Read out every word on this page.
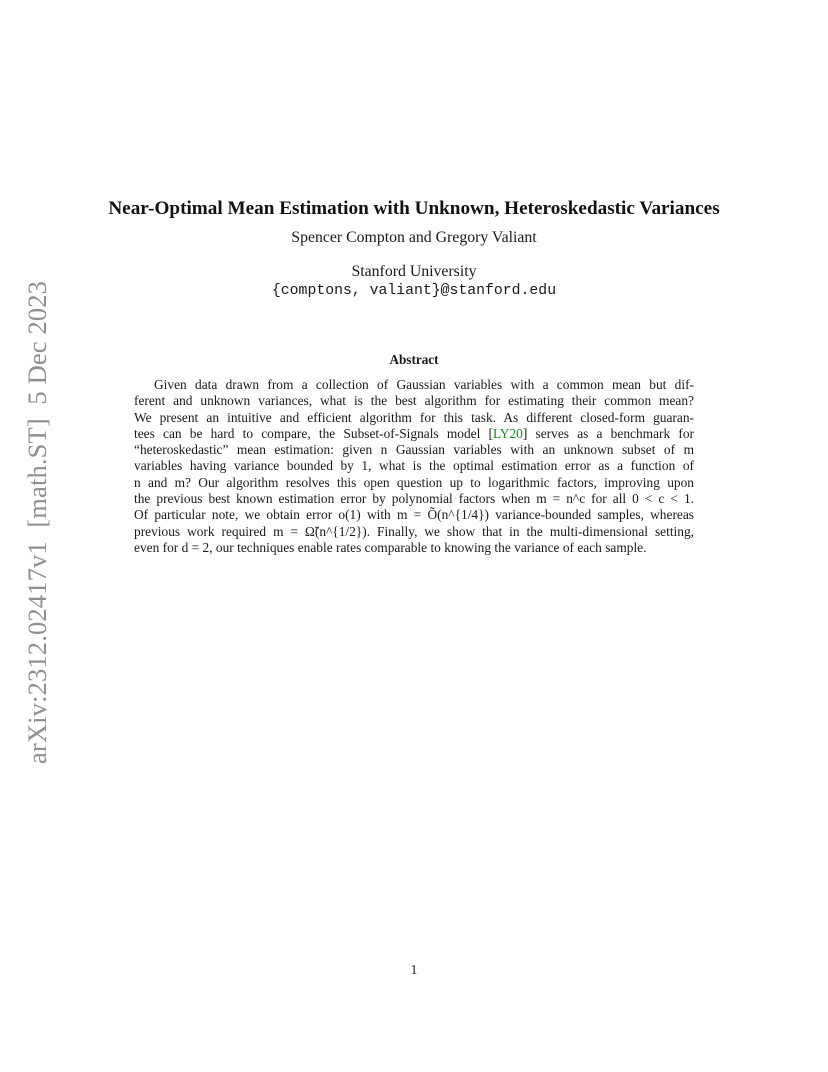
arXiv:2312.02417v1  [math.ST]  5 Dec 2023
Near-Optimal Mean Estimation with Unknown, Heteroskedastic Variances
Spencer Compton and Gregory Valiant
Stanford University
{comptons, valiant}@stanford.edu
Abstract
Given data drawn from a collection of Gaussian variables with a common mean but dif-
ferent and unknown variances, what is the best algorithm for estimating their common mean?
We present an intuitive and efficient algorithm for this task. As different closed-form guaran-
tees can be hard to compare, the Subset-of-Signals model [LY20] serves as a benchmark for
“heteroskedastic” mean estimation: given n Gaussian variables with an unknown subset of m
variables having variance bounded by 1, what is the optimal estimation error as a function of
n and m? Our algorithm resolves this open question up to logarithmic factors, improving upon
the previous best known estimation error by polynomial factors when m = n^c for all 0 < c < 1.
Of particular note, we obtain error o(1) with m = Õ(n^{1/4}) variance-bounded samples, whereas
previous work required m = Ω̃(n^{1/2}). Finally, we show that in the multi-dimensional setting,
even for d = 2, our techniques enable rates comparable to knowing the variance of each sample.
1
